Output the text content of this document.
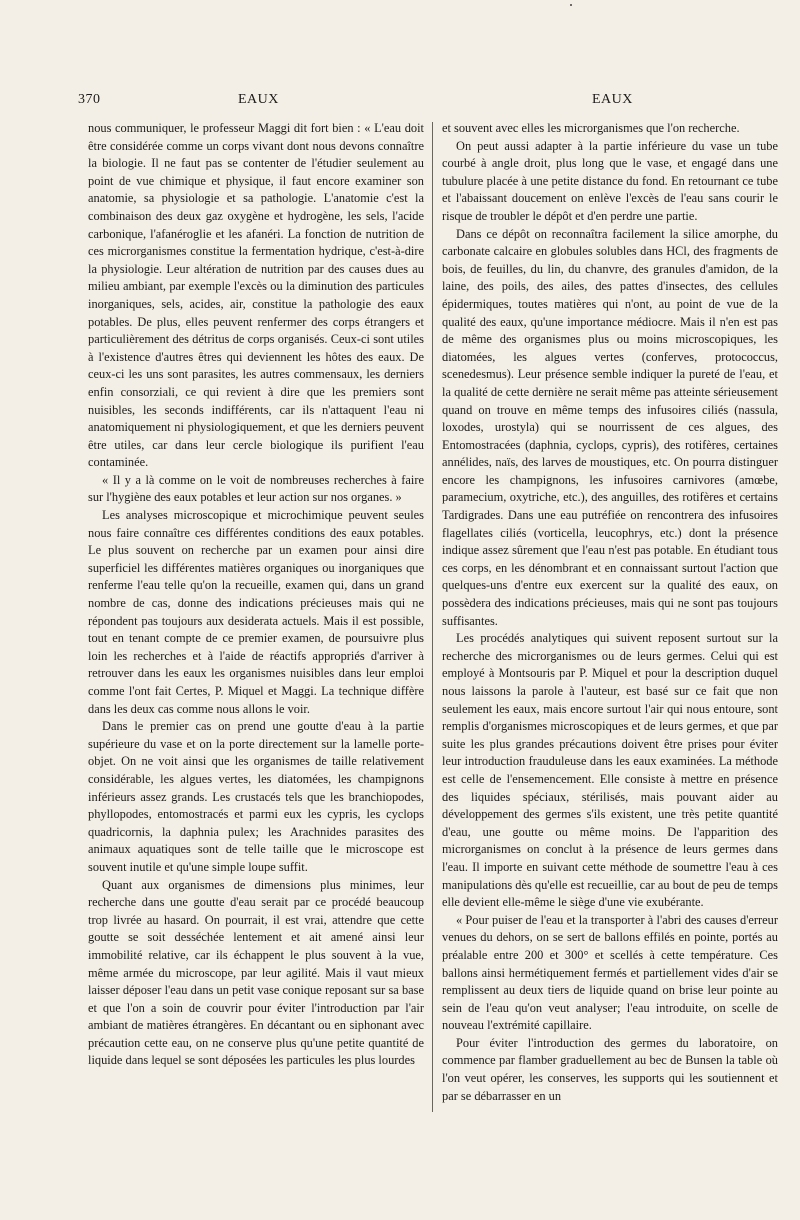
370	EAUX	EAUX

nous communiquer, le professeur Maggi dit fort bien : « L'eau doit être considérée comme un corps vivant dont nous devons connaître la biologie. Il ne faut pas se contenter de l'étudier seulement au point de vue chimique et physique, il faut encore examiner son anatomie, sa physiologie et sa pathologie. L'anatomie c'est la combinaison des deux gaz oxygène et hydrogène, les sels, l'acide carbonique, l'afanéroglie et les afanéri. La fonction de nutrition de ces microrganismes constitue la fermentation hydrique, c'est-à-dire la physiologie. Leur altération de nutrition par des causes dues au milieu ambiant, par exemple l'excès ou la diminution des particules inorganiques, sels, acides, air, constitue la pathologie des eaux potables. De plus, elles peuvent renfermer des corps étrangers et particulièrement des détritus de corps organisés. Ceux-ci sont utiles à l'existence d'autres êtres qui deviennent les hôtes des eaux. De ceux-ci les uns sont parasites, les autres commensaux, les derniers enfin consorziali, ce qui revient à dire que les premiers sont nuisibles, les seconds indifférents, car ils n'attaquent l'eau ni anatomiquement ni physiologiquement, et que les derniers peuvent être utiles, car dans leur cercle biologique ils purifient l'eau contaminée.

« Il y a là comme on le voit de nombreuses recherches à faire sur l'hygiène des eaux potables et leur action sur nos organes. »

Les analyses microscopique et microchimique peuvent seules nous faire connaître ces différentes conditions des eaux potables. Le plus souvent on recherche par un examen pour ainsi dire superficiel les différentes matières organiques ou inorganiques que renferme l'eau telle qu'on la recueille, examen qui, dans un grand nombre de cas, donne des indications précieuses mais qui ne répondent pas toujours aux desiderata actuels. Mais il est possible, tout en tenant compte de ce premier examen, de poursuivre plus loin les recherches et à l'aide de réactifs appropriés d'arriver à retrouver dans les eaux les organismes nuisibles dans leur emploi comme l'ont fait Certes, P. Miquel et Maggi. La technique diffère dans les deux cas comme nous allons le voir.

Dans le premier cas on prend une goutte d'eau à la partie supérieure du vase et on la porte directement sur la lamelle porte-objet. On ne voit ainsi que les organismes de taille relativement considérable, les algues vertes, les diatomées, les champignons inférieurs assez grands. Les crustacés tels que les branchiopodes, phyllopodes, entomostracés et parmi eux les cypris, les cyclops quadricornis, la daphnia pulex; les Arachnides parasites des animaux aquatiques sont de telle taille que le microscope est souvent inutile et qu'une simple loupe suffit.

Quant aux organismes de dimensions plus minimes, leur recherche dans une goutte d'eau serait par ce procédé beaucoup trop livrée au hasard. On pourrait, il est vrai, attendre que cette goutte se soit desséchée lentement et ait amené ainsi leur immobilité relative, car ils échappent le plus souvent à la vue, même armée du microscope, par leur agilité. Mais il vaut mieux laisser déposer l'eau dans un petit vase conique reposant sur sa base et que l'on a soin de couvrir pour éviter l'introduction par l'air ambiant de matières étrangères. En décantant ou en siphonant avec précaution cette eau, on ne conserve plus qu'une petite quantité de liquide dans lequel se sont déposées les particules les plus lourdes

et souvent avec elles les microrganismes que l'on recherche.

On peut aussi adapter à la partie inférieure du vase un tube courbé à angle droit, plus long que le vase, et engagé dans une tubulure placée à une petite distance du fond. En retournant ce tube et l'abaissant doucement on enlève l'excès de l'eau sans courir le risque de troubler le dépôt et d'en perdre une partie.

Dans ce dépôt on reconnaîtra facilement la silice amorphe, du carbonate calcaire en globules solubles dans HCl, des fragments de bois, de feuilles, du lin, du chanvre, des granules d'amidon, de la laine, des poils, des ailes, des pattes d'insectes, des cellules épidermiques, toutes matières qui n'ont, au point de vue de la qualité des eaux, qu'une importance médiocre. Mais il n'en est pas de même des organismes plus ou moins microscopiques, les diatomées, les algues vertes (conferves, protococcus, scenedesmus). Leur présence semble indiquer la pureté de l'eau, et la qualité de cette dernière ne serait même pas atteinte sérieusement quand on trouve en même temps des infusoires ciliés (nassula, loxodes, urostyla) qui se nourrissent de ces algues, des Entomostracées (daphnia, cyclops, cypris), des rotifères, certaines annélides, naïs, des larves de moustiques, etc. On pourra distinguer encore les champignons, les infusoires carnivores (amœbe, paramecium, oxytriche, etc.), des anguilles, des rotifères et certains Tardigrades. Dans une eau putréfiée on rencontrera des infusoires flagellates ciliés (vorticella, leucophrys, etc.) dont la présence indique assez sûrement que l'eau n'est pas potable. En étudiant tous ces corps, en les dénombrant et en connaissant surtout l'action que quelques-uns d'entre eux exercent sur la qualité des eaux, on possèdera des indications précieuses, mais qui ne sont pas toujours suffisantes.

Les procédés analytiques qui suivent reposent surtout sur la recherche des microrganismes ou de leurs germes. Celui qui est employé à Montsouris par P. Miquel et pour la description duquel nous laissons la parole à l'auteur, est basé sur ce fait que non seulement les eaux, mais encore surtout l'air qui nous entoure, sont remplis d'organismes microscopiques et de leurs germes, et que par suite les plus grandes précautions doivent être prises pour éviter leur introduction frauduleuse dans les eaux examinées. La méthode est celle de l'ensemencement. Elle consiste à mettre en présence des liquides spéciaux, stérilisés, mais pouvant aider au développement des germes s'ils existent, une très petite quantité d'eau, une goutte ou même moins. De l'apparition des microrganismes on conclut à la présence de leurs germes dans l'eau. Il importe en suivant cette méthode de soumettre l'eau à ces manipulations dès qu'elle est recueillie, car au bout de peu de temps elle devient elle-même le siège d'une vie exubérante.

« Pour puiser de l'eau et la transporter à l'abri des causes d'erreur venues du dehors, on se sert de ballons effilés en pointe, portés au préalable entre 200 et 300° et scellés à cette température. Ces ballons ainsi hermétiquement fermés et partiellement vides d'air se remplissent au deux tiers de liquide quand on brise leur pointe au sein de l'eau qu'on veut analyser; l'eau introduite, on scelle de nouveau l'extrémité capillaire.

Pour éviter l'introduction des germes du laboratoire, on commence par flamber graduellement au bec de Bunsen la table où l'on veut opérer, les conserves, les supports qui les soutiennent et par se débarrasser en un
